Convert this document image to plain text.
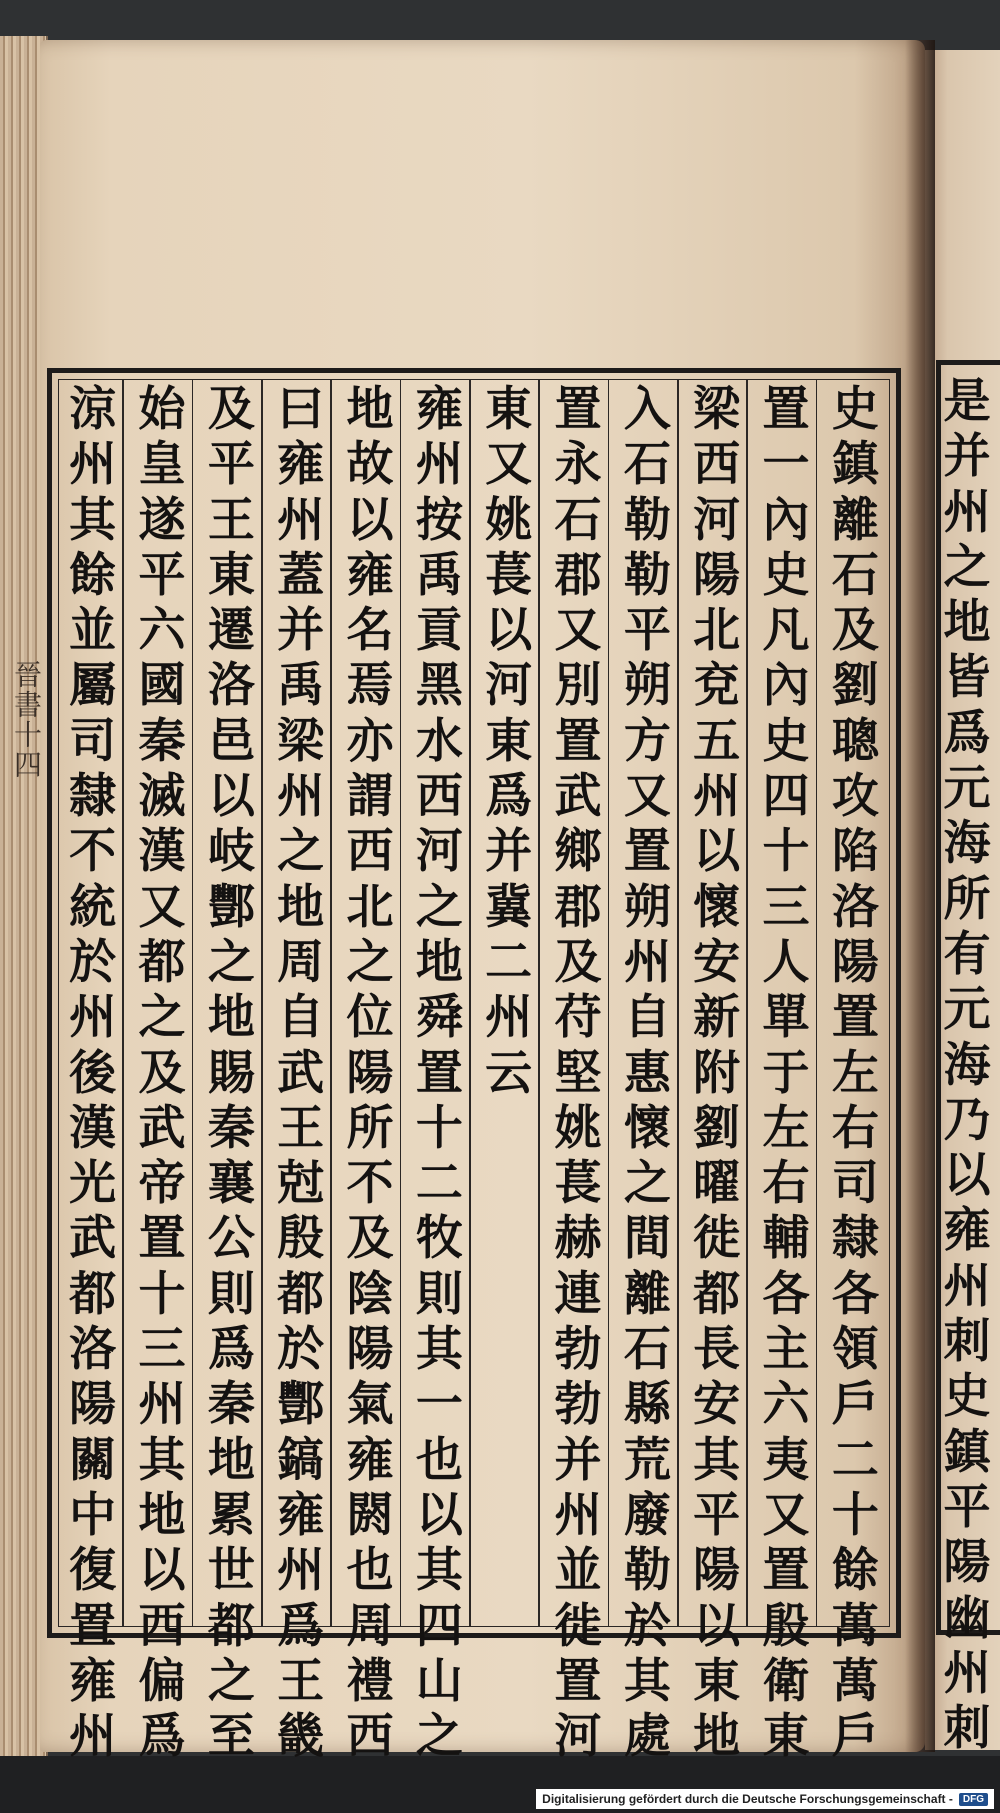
晉書十四
史
鎮
離
石
及
劉
聰
攻
陷
洛
陽
置
左
右
司
隸
各
領
戶
二
十
餘
萬
萬
戶
置
一
內
史
凡
內
史
四
十
三
人
單
于
左
右
輔
各
主
六
夷
又
置
殷
衛
東
梁
西
河
陽
北
兗
五
州
以
懷
安
新
附
劉
曜
徙
都
長
安
其
平
陽
以
東
地
入
石
勒
勒
平
朔
方
又
置
朔
州
自
惠
懷
之
間
離
石
縣
荒
廢
勒
於
其
處
置
永
石
郡
又
別
置
武
鄉
郡
及
苻
堅
姚
萇
赫
連
勃
勃
并
州
並
徙
置
河
東
又
姚
萇
以
河
東
爲
并
冀
二
州
云
雍
州
按
禹
貢
黑
水
西
河
之
地
舜
置
十
二
牧
則
其
一
也
以
其
四
山
之
地
故
以
雍
名
焉
亦
謂
西
北
之
位
陽
所
不
及
陰
陽
氣
雍
閼
也
周
禮
西
曰
雍
州
蓋
并
禹
梁
州
之
地
周
自
武
王
尅
殷
都
於
酆
鎬
雍
州
爲
王
畿
及
平
王
東
遷
洛
邑
以
岐
酆
之
地
賜
秦
襄
公
則
爲
秦
地
累
世
都
之
至
始
皇
遂
平
六
國
秦
滅
漢
又
都
之
及
武
帝
置
十
三
州
其
地
以
西
偏
爲
涼
州
其
餘
並
屬
司
隸
不
統
於
州
後
漢
光
武
都
洛
陽
關
中
復
置
雍
州
是
并
州
之
地
皆
爲
元
海
所
有
元
海
乃
以
雍
州
刺
史
鎮
平
陽
幽
州
刺
Digitalisierung gefördert durch die Deutsche Forschungsgemeinschaft -	DFG
